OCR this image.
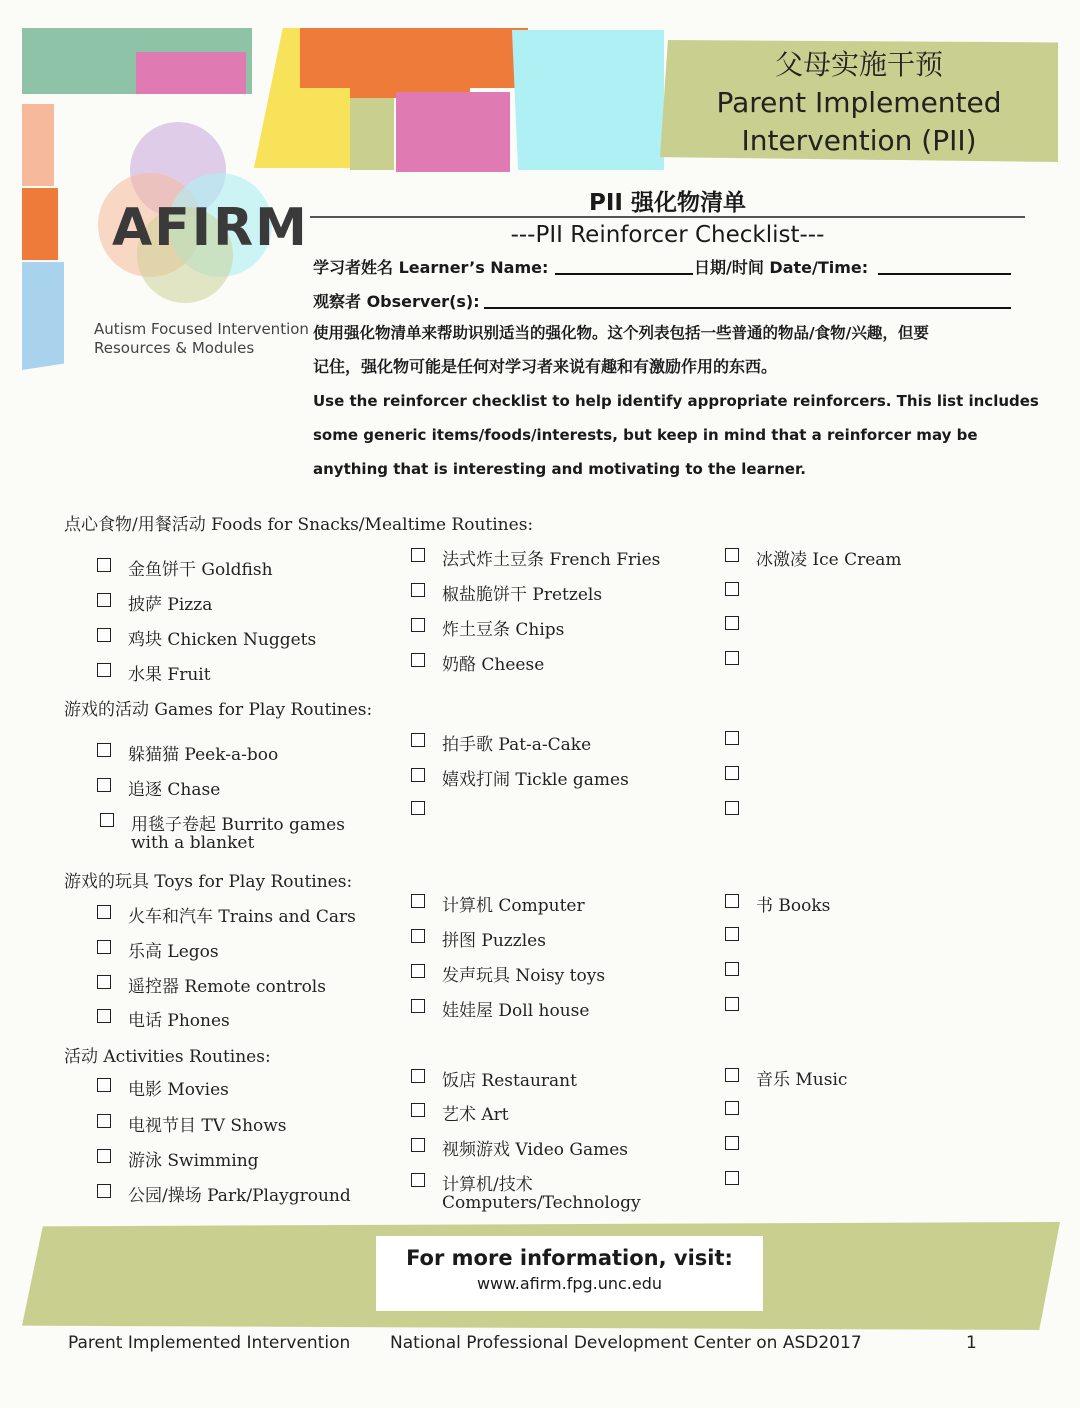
父母实施干预
Parent Implemented
Intervention (PII)
AFIRM
Autism Focused Intervention
Resources & Modules
PII 强化物清单
---PII Reinforcer Checklist---
学习者姓名 Learner’s Name:	日期/时间 Date/Time:
观察者 Observer(s):
使用强化物清单来帮助识别适当的强化物。这个列表包括一些普通的物品/食物/兴趣，但要
记住，强化物可能是任何对学习者来说有趣和有激励作用的东西。
Use the reinforcer checklist to help identify appropriate reinforcers. This list includes
some generic items/foods/interests, but keep in mind that a reinforcer may be
anything that is interesting and motivating to the learner.
点心食物/用餐活动 Foods for Snacks/Mealtime Routines:
金鱼饼干 Goldfish
披萨 Pizza
鸡块 Chicken Nuggets
水果 Fruit
法式炸土豆条 French Fries
椒盐脆饼干 Pretzels
炸土豆条 Chips
奶酪 Cheese
冰激凌 Ice Cream
游戏的活动 Games for Play Routines:
躲猫猫 Peek-a-boo
追逐 Chase
用毯子卷起 Burrito games
with a blanket
拍手歌 Pat-a-Cake
嬉戏打闹 Tickle games
游戏的玩具 Toys for Play Routines:
火车和汽车 Trains and Cars
乐高 Legos
遥控器 Remote controls
电话 Phones
计算机 Computer
拼图 Puzzles
发声玩具 Noisy toys
娃娃屋 Doll house
书 Books
活动 Activities Routines:
电影 Movies
电视节目 TV Shows
游泳 Swimming
公园/操场 Park/Playground
饭店 Restaurant
艺术 Art
视频游戏 Video Games
计算机/技术
Computers/Technology
音乐 Music
For more information, visit:
www.afirm.fpg.unc.edu
Parent Implemented Intervention National Professional Development Center on ASD2017	1
